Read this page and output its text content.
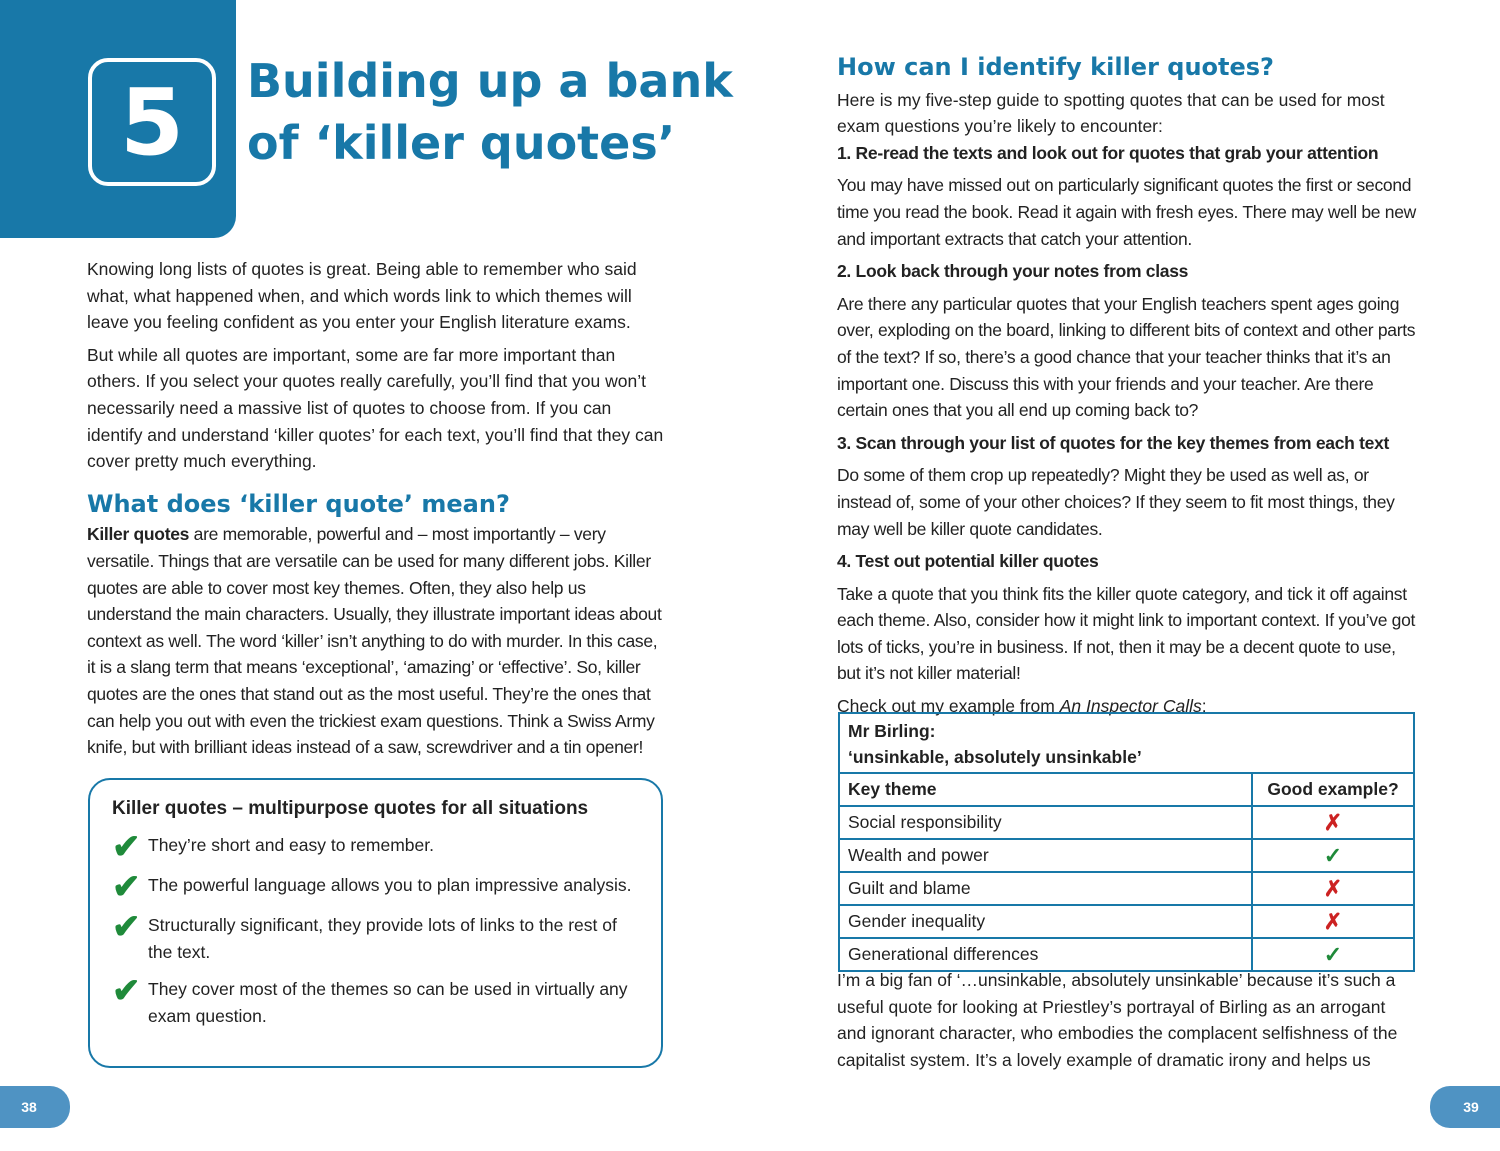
5	Building up a bank
of ‘killer quotes’

Knowing long lists of quotes is great. Being able to remember who said what, what happened when, and which words link to which themes will leave you feeling confident as you enter your English literature exams.

But while all quotes are important, some are far more important than others. If you select your quotes really carefully, you’ll find that you won’t necessarily need a massive list of quotes to choose from. If you can identify and understand ‘killer quotes’ for each text, you’ll find that they can cover pretty much everything.

What does ‘killer quote’ mean?

Killer quotes are memorable, powerful and – most importantly – very versatile. Things that are versatile can be used for many different jobs. Killer quotes are able to cover most key themes. Often, they also help us understand the main characters. Usually, they illustrate important ideas about context as well. The word ‘killer’ isn’t anything to do with murder. In this case, it is a slang term that means ‘exceptional’, ‘amazing’ or ‘effective’. So, killer quotes are the ones that stand out as the most useful. They’re the ones that can help you out with even the trickiest exam questions. Think a Swiss Army knife, but with brilliant ideas instead of a saw, screwdriver and a tin opener!

Killer quotes – multipurpose quotes for all situations
✔ They’re short and easy to remember.
✔ The powerful language allows you to plan impressive analysis.
✔ Structurally significant, they provide lots of links to the rest of the text.
✔ They cover most of the themes so can be used in virtually any exam question.
How can I identify killer quotes?

Here is my five-step guide to spotting quotes that can be used for most exam questions you’re likely to encounter:

1. Re-read the texts and look out for quotes that grab your attention

You may have missed out on particularly significant quotes the first or second time you read the book. Read it again with fresh eyes. There may well be new and important extracts that catch your attention.

2. Look back through your notes from class

Are there any particular quotes that your English teachers spent ages going over, exploding on the board, linking to different bits of context and other parts of the text? If so, there’s a good chance that your teacher thinks that it’s an important one. Discuss this with your friends and your teacher. Are there certain ones that you all end up coming back to?

3. Scan through your list of quotes for the key themes from each text

Do some of them crop up repeatedly? Might they be used as well as, or instead of, some of your other choices? If they seem to fit most things, they may well be killer quote candidates.

4. Test out potential killer quotes

Take a quote that you think fits the killer quote category, and tick it off against each theme. Also, consider how it might link to important context. If you’ve got lots of ticks, you’re in business. If not, then it may be a decent quote to use, but it’s not killer material!

Check out my example from An Inspector Calls:

Mr Birling:
‘unsinkable, absolutely unsinkable’	

Key theme	Good example?
Social responsibility	✗
Wealth and power	✓
Guilt and blame	✗
Gender inequality	✗
Generational differences	✓
I’m a big fan of ‘…unsinkable, absolutely unsinkable’ because it’s such a useful quote for looking at Priestley’s portrayal of Birling as an arrogant and ignorant character, who embodies the complacent selfishness of the capitalist system. It’s a lovely example of dramatic irony and helps us
38	39
